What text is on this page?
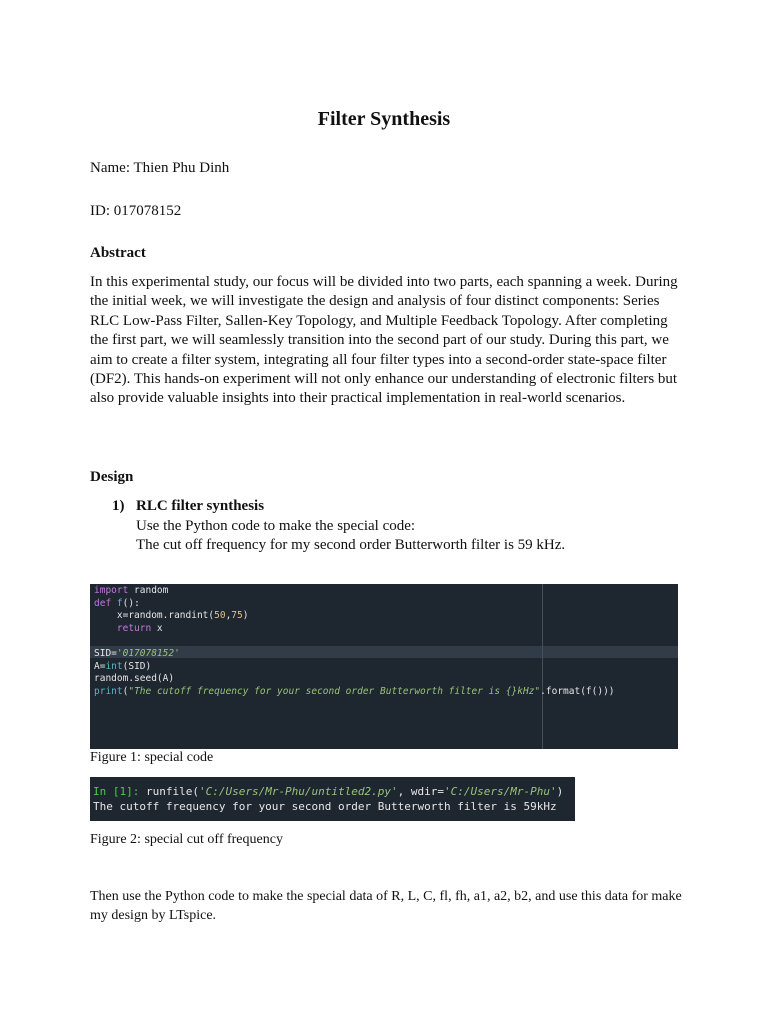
Filter Synthesis

Name: Thien Phu Dinh

ID: 017078152

Abstract

In this experimental study, our focus will be divided into two parts, each spanning a week. During the initial week, we will investigate the design and analysis of four distinct components: Series RLC Low-Pass Filter, Sallen-Key Topology, and Multiple Feedback Topology. After completing the first part, we will seamlessly transition into the second part of our study. During this part, we aim to create a filter system, integrating all four filter types into a second-order state-space filter (DF2). This hands-on experiment will not only enhance our understanding of electronic filters but also provide valuable insights into their practical implementation in real-world scenarios.

Design

1) RLC filter synthesis
Use the Python code to make the special code:
The cut off frequency for my second order Butterworth filter is 59 kHz.
import random
def f():
x=random.randint(50,75)
return x

SID='017078152'
A=int(SID)
random.seed(A)
print("The cutoff frequency for your second order Butterworth filter is {}kHz".format(f()))

Figure 1: special code

In [1]: runfile('C:/Users/Mr-Phu/untitled2.py', wdir='C:/Users/Mr-Phu')
The cutoff frequency for your second order Butterworth filter is 59kHz

Figure 2: special cut off frequency

Then use the Python code to make the special data of R, L, C, fl, fh, a1, a2, b2, and use this data for make my design by LTspice.
